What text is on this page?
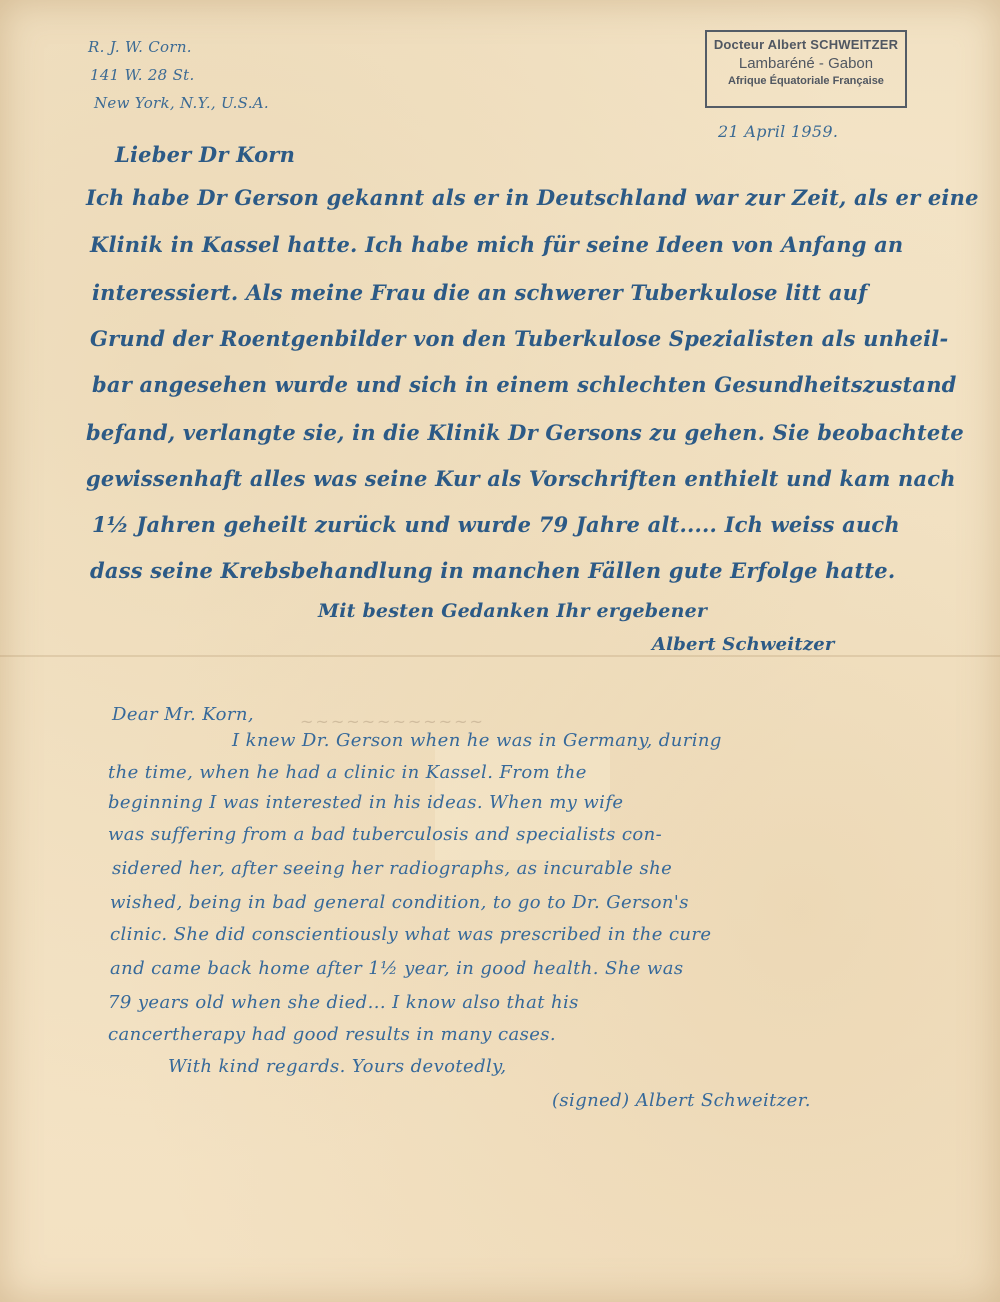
R. J. W. Corn.
141 W. 28 St.
New York, N.Y., U.S.A.
Docteur Albert SCHWEITZER
Lambaréné - Gabon
Afrique Équatoriale Française
21 April 1959.
Lieber Dr Korn
Ich habe Dr Gerson gekannt als er in Deutschland war zur Zeit, als er eine
Klinik in Kassel hatte. Ich habe mich für seine Ideen von Anfang an
interessiert. Als meine Frau die an schwerer Tuberkulose litt auf
Grund der Roentgenbilder von den Tuberkulose Spezialisten als unheil-
bar angesehen wurde und sich in einem schlechten Gesundheitszustand
befand, verlangte sie, in die Klinik Dr Gersons zu gehen. Sie beobachtete
gewissenhaft alles was seine Kur als Vorschriften enthielt und kam nach
1½ Jahren geheilt zurück und wurde 79 Jahre alt..... Ich weiss auch
dass seine Krebsbehandlung in manchen Fällen gute Erfolge hatte.
Mit besten Gedanken Ihr ergebener
Albert Schweitzer
~~~~~~~~~~~~
Dear Mr. Korn,
I knew Dr. Gerson when he was in Germany, during
the time, when he had a clinic in Kassel. From the
beginning I was interested in his ideas. When my wife
was suffering from a bad tuberculosis and specialists con-
sidered her, after seeing her radiographs, as incurable she
wished, being in bad general condition, to go to Dr. Gerson's
clinic. She did conscientiously what was prescribed in the cure
and came back home after 1½ year, in good health. She was
79 years old when she died... I know also that his
cancertherapy had good results in many cases.
With kind regards. Yours devotedly,
(signed) Albert Schweitzer.
